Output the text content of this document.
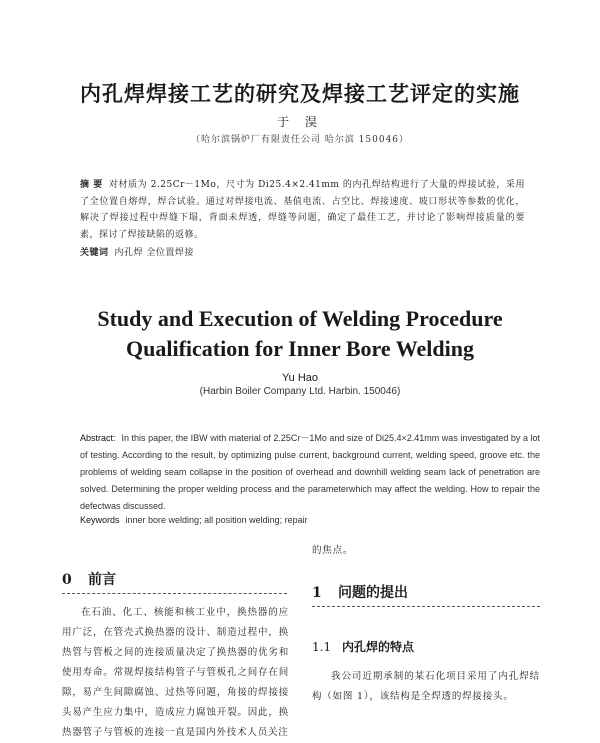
内孔焊焊接工艺的研究及焊接工艺评定的实施
于 淏
（哈尔滨锅炉厂有限责任公司 哈尔滨 150046）
摘 要 对材质为 2.25Cr－1Mo，尺寸为 Di25.4×2.41mm 的内孔焊结构进行了大量的焊接试验，采用了全位置自熔焊，焊合试验。通过对焊接电流、基值电流、占空比、焊接速度、坡口形状等参数的优化，解决了焊接过程中焊缝下塌，背面未焊透，焊缝等问题，确定了最佳工艺，并讨论了影响焊接质量的要素，探讨了焊接缺陷的返修。
关键词 内孔焊 全位置焊接
Study and Execution of Welding Procedure
Qualification for Inner Bore Welding
Yu Hao
(Harbin Boiler Company Ltd. Harbin. 150046)
Abstract: In this paper, the IBW with material of 2.25Cr－1Mo and size of Di25.4×2.41mm was investigated by a lot of testing. According to the result, by optimizing pulse current, background current, welding speed, groove etc. the problems of welding seam collapse in the position of overhead and downhill welding seam lack of penetration are solved. Determining the proper welding process and the parameterwhich may affect the welding. How to repair the defectwas discussed.
Keywords inner bore welding; all position welding; repair
0 前言
在石油、化工、核能和核工业中，换热器的应用广泛，在管壳式换热器的设计、制造过程中，换热管与管板之间的连接质量决定了换热器的优劣和使用寿命。常规焊接结构管子与管板孔之间存在间隙，易产生间隙腐蚀、过热等问题，角接的焊接接头易产生应力集中，造成应力腐蚀开裂。因此，换热器管子与管板的连接一直是国内外技术人员关注
的焦点。
1 问题的提出
1.1 内孔焊的特点
我公司近期承制的某石化项目采用了内孔焊结构（如图 1），该结构是全焊透的焊接接头。
